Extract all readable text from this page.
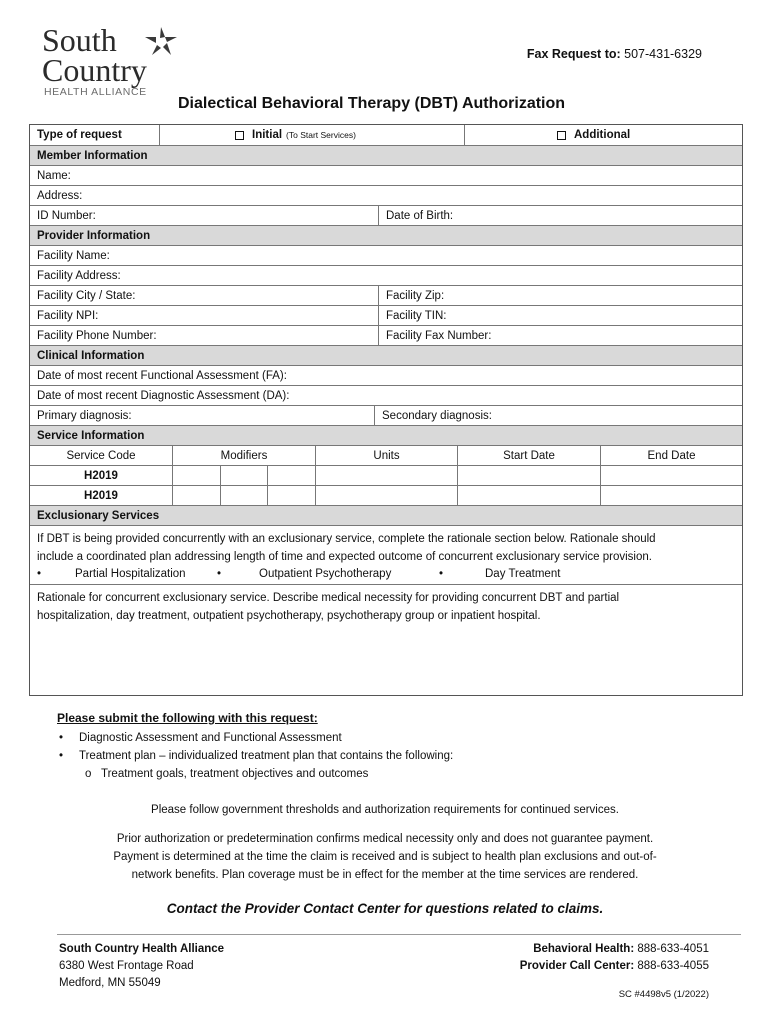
South
Country
HEALTH ALLIANCE
Fax Request to: 507-431-6329
Dialectical Behavioral Therapy (DBT) Authorization
Type of request	Initial (To Start Services)	Additional
Member Information
Name:
Address:
ID Number:	Date of Birth:
Provider Information
Facility Name:
Facility Address:
Facility City / State:	Facility Zip:
Facility NPI:	Facility TIN:
Facility Phone Number:	Facility Fax Number:
Clinical Information
Date of most recent Functional Assessment (FA):
Date of most recent Diagnostic Assessment (DA):
Primary diagnosis:	Secondary diagnosis:
Service Information
Service Code	Modifiers	Units	Start Date	End Date
H2019
H2019
Exclusionary Services
If DBT is being provided concurrently with an exclusionary service, complete the rationale section below. Rationale should
include a coordinated plan addressing length of time and expected outcome of concurrent exclusionary service provision.
•	Partial Hospitalization	•	Outpatient Psychotherapy	•	Day Treatment
Rationale for concurrent exclusionary service. Describe medical necessity for providing concurrent DBT and partial
hospitalization, day treatment, outpatient psychotherapy, psychotherapy group or inpatient hospital.
Please submit the following with this request:
• Diagnostic Assessment and Functional Assessment
• Treatment plan – individualized treatment plan that contains the following:
o Treatment goals, treatment objectives and outcomes
Please follow government thresholds and authorization requirements for continued services.
Prior authorization or predetermination confirms medical necessity only and does not guarantee payment.
Payment is determined at the time the claim is received and is subject to health plan exclusions and out-of-
network benefits. Plan coverage must be in effect for the member at the time services are rendered.
Contact the Provider Contact Center for questions related to claims.
South Country Health Alliance
6380 West Frontage Road
Medford, MN 55049
Behavioral Health: 888-633-4051
Provider Call Center: 888-633-4055
SC #4498v5 (1/2022)
